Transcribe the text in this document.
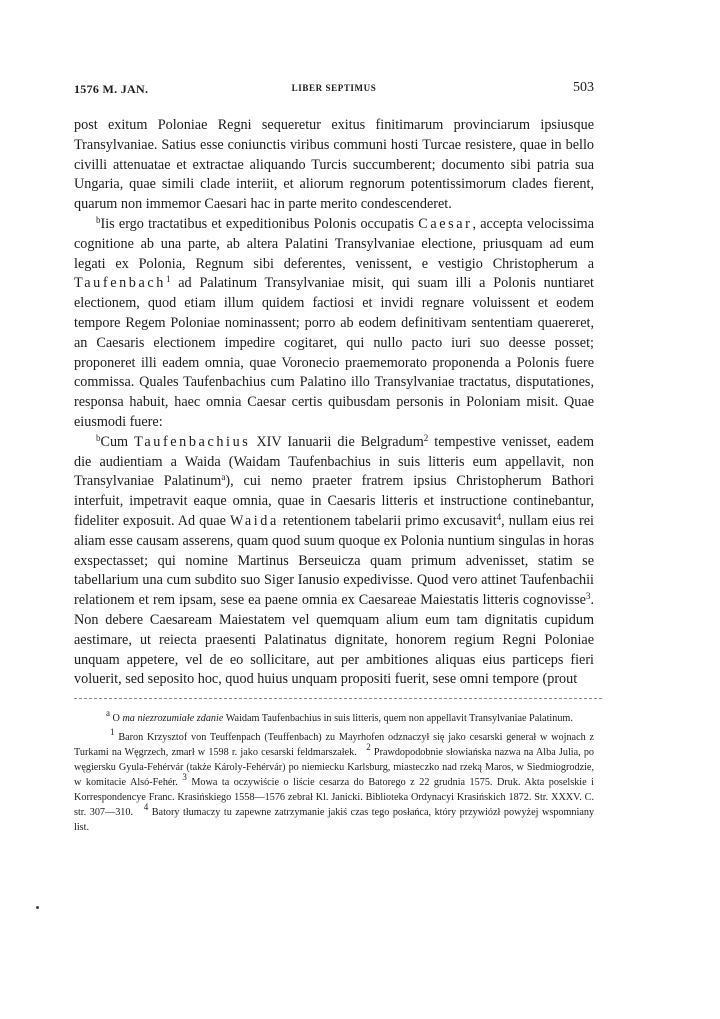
1576 M. JAN.	LIBER SEPTIMUS	503

post exitum Poloniae Regni sequeretur exitus finitimarum provinciarum ipsiusque Transylvaniae. Satius esse coniunctis viribus communi hosti Turcae resistere, quae in bello civilli attenuatae et extractae aliquando Turcis succumberent; documento sibi patria sua Ungaria, quae simili clade interiit, et aliorum regnorum potentissimorum clades fierent, quarum non immemor Caesari hac in parte merito condescenderet.

$^b$Iis ergo tractatibus et expeditionibus Polonis occupatis Caesar, accepta velocissima cognitione ab una parte, ab altera Palatini Transylvaniae electione, priusquam ad eum legati ex Polonia, Regnum sibi deferentes, venissent, e vestigio Christopherum a Taufenbach$^1$ ad Palatinum Transylvaniae misit, qui suam illi a Polonis nuntiaret electionem, quod etiam illum quidem factiosi et invidi regnare voluissent et eodem tempore Regem Poloniae nominassent; porro ab eodem definitivam sententiam quaereret, an Caesaris electionem impedire cogitaret, qui nullo pacto iuri suo deesse posset; proponeret illi eadem omnia, quae Voronecio praememorato proponenda a Polonis fuere commissa. Quales Taufenbachius cum Palatino illo Transylvaniae tractatus, disputationes, responsa habuit, haec omnia Caesar certis quibusdam personis in Poloniam misit. Quae eiusmodi fuere:

$^b$Cum Taufenbachius XIV Ianuarii die Belgradum$^2$ tempestive venisset, eadem die audientiam a Waida (Waidam Taufenbachius in suis litteris eum appellavit, non Transylvaniae Palatinum$^a$), cui nemo praeter fratrem ipsius Christopherum Bathori interfuit, impetravit eaque omnia, quae in Caesaris litteris et instructione continebantur, fideliter exposuit. Ad quae Waida retentionem tabelarii primo excusavit$^4$, nullam eius rei aliam esse causam asserens, quam quod suum quoque ex Polonia nuntium singulas in horas exspectasset; qui nomine Martinus Berseuicza quam primum advenisset, statim se tabellarium una cum subdito suo Siger Ianusio expedivisse. Quod vero attinet Taufenbachii relationem et rem ipsam, sese ea paene omnia ex Caesareae Maiestatis litteris cognovisse$^3$. Non debere Caesaream Maiestatem vel quemquam alium eum tam dignitatis cupidum aestimare, ut reiecta praesenti Palatinatus dignitate, honorem regium Regni Poloniae unquam appetere, vel de eo sollicitare, aut per ambitiones aliquas eius particeps fieri voluerit, sed seposito hoc, quod huius unquam propositi fuerit, sese omni tempore (prout

$^a$ O ma niezrozumiałe zdanie Waidam Taufenbachius in suis litteris, quem non appellavit Transylvaniae Palatinum.

$^1$ Baron Krzysztof von Teuffenpach (Teuffenbach) zu Mayrhofen odznaczył się jako cesarski generał w wojnach z Turkami na Węgrzech, zmarł w 1598 r. jako cesarski feldmarszałek. $^2$ Prawdopodobnie słowiańska nazwa na Alba Julia, po węgiersku Gyula-Fehérvár (także Károly-Fehérvár) po niemiecku Karlsburg, miasteczko nad rzeką Maros, w Siedmiogrodzie, w komitacie Alsó-Fehér. $^3$ Mowa ta oczywiście o liście cesarza do Batorego z 22 grudnia 1575. Druk. Akta poselskie i Korrespondencye Franc. Krasińskiego 1558—1576 zebrał Kl. Janicki. Biblioteka Ordynacyi Krasińskich 1872. Str. XXXV. C. str. 307—310. $^4$ Batory tłumaczy tu zapewne zatrzymanie jakiś czas tego posłańca, który przywiózł powyżej wspomniany list.
